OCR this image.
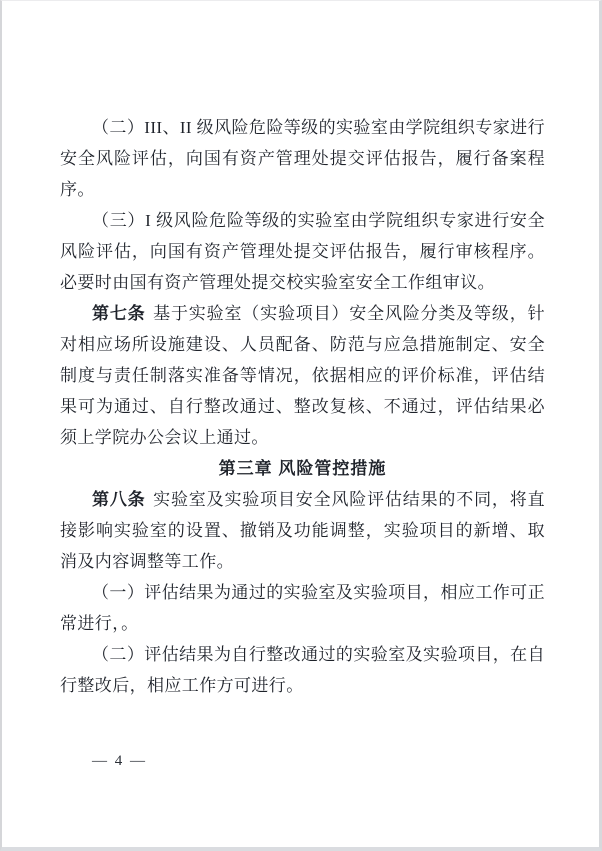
（二）III、II 级风险危险等级的实验室由学院组织专家进行安全风险评估，向国有资产管理处提交评估报告，履行备案程序。

（三）I 级风险危险等级的实验室由学院组织专家进行安全风险评估，向国有资产管理处提交评估报告，履行审核程序。必要时由国有资产管理处提交校实验室安全工作组审议。

第七条 基于实验室（实验项目）安全风险分类及等级，针对相应场所设施建设、人员配备、防范与应急措施制定、安全制度与责任制落实准备等情况，依据相应的评价标准，评估结果可为通过、自行整改通过、整改复核、不通过，评估结果必须上学院办公会议上通过。

第三章 风险管控措施

第八条 实验室及实验项目安全风险评估结果的不同，将直接影响实验室的设置、撤销及功能调整，实验项目的新增、取消及内容调整等工作。

（一）评估结果为通过的实验室及实验项目，相应工作可正常进行，。

（二）评估结果为自行整改通过的实验室及实验项目，在自行整改后，相应工作方可进行。

— 4 —
